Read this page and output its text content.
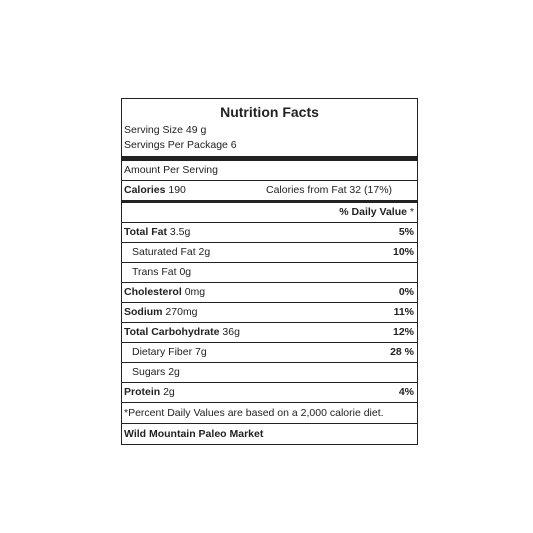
Nutrition Facts
Serving Size 49 g
Servings Per Package 6
Amount Per Serving
Calories 190	Calories from Fat 32 (17%)
% Daily Value *
Total Fat 3.5g	5%
Saturated Fat 2g	10%
Trans Fat 0g
Cholesterol 0mg	0%
Sodium 270mg	11%
Total Carbohydrate 36g	12%
Dietary Fiber 7g	28 %
Sugars 2g
Protein 2g	4%
*Percent Daily Values are based on a 2,000 calorie diet.
Wild Mountain Paleo Market
